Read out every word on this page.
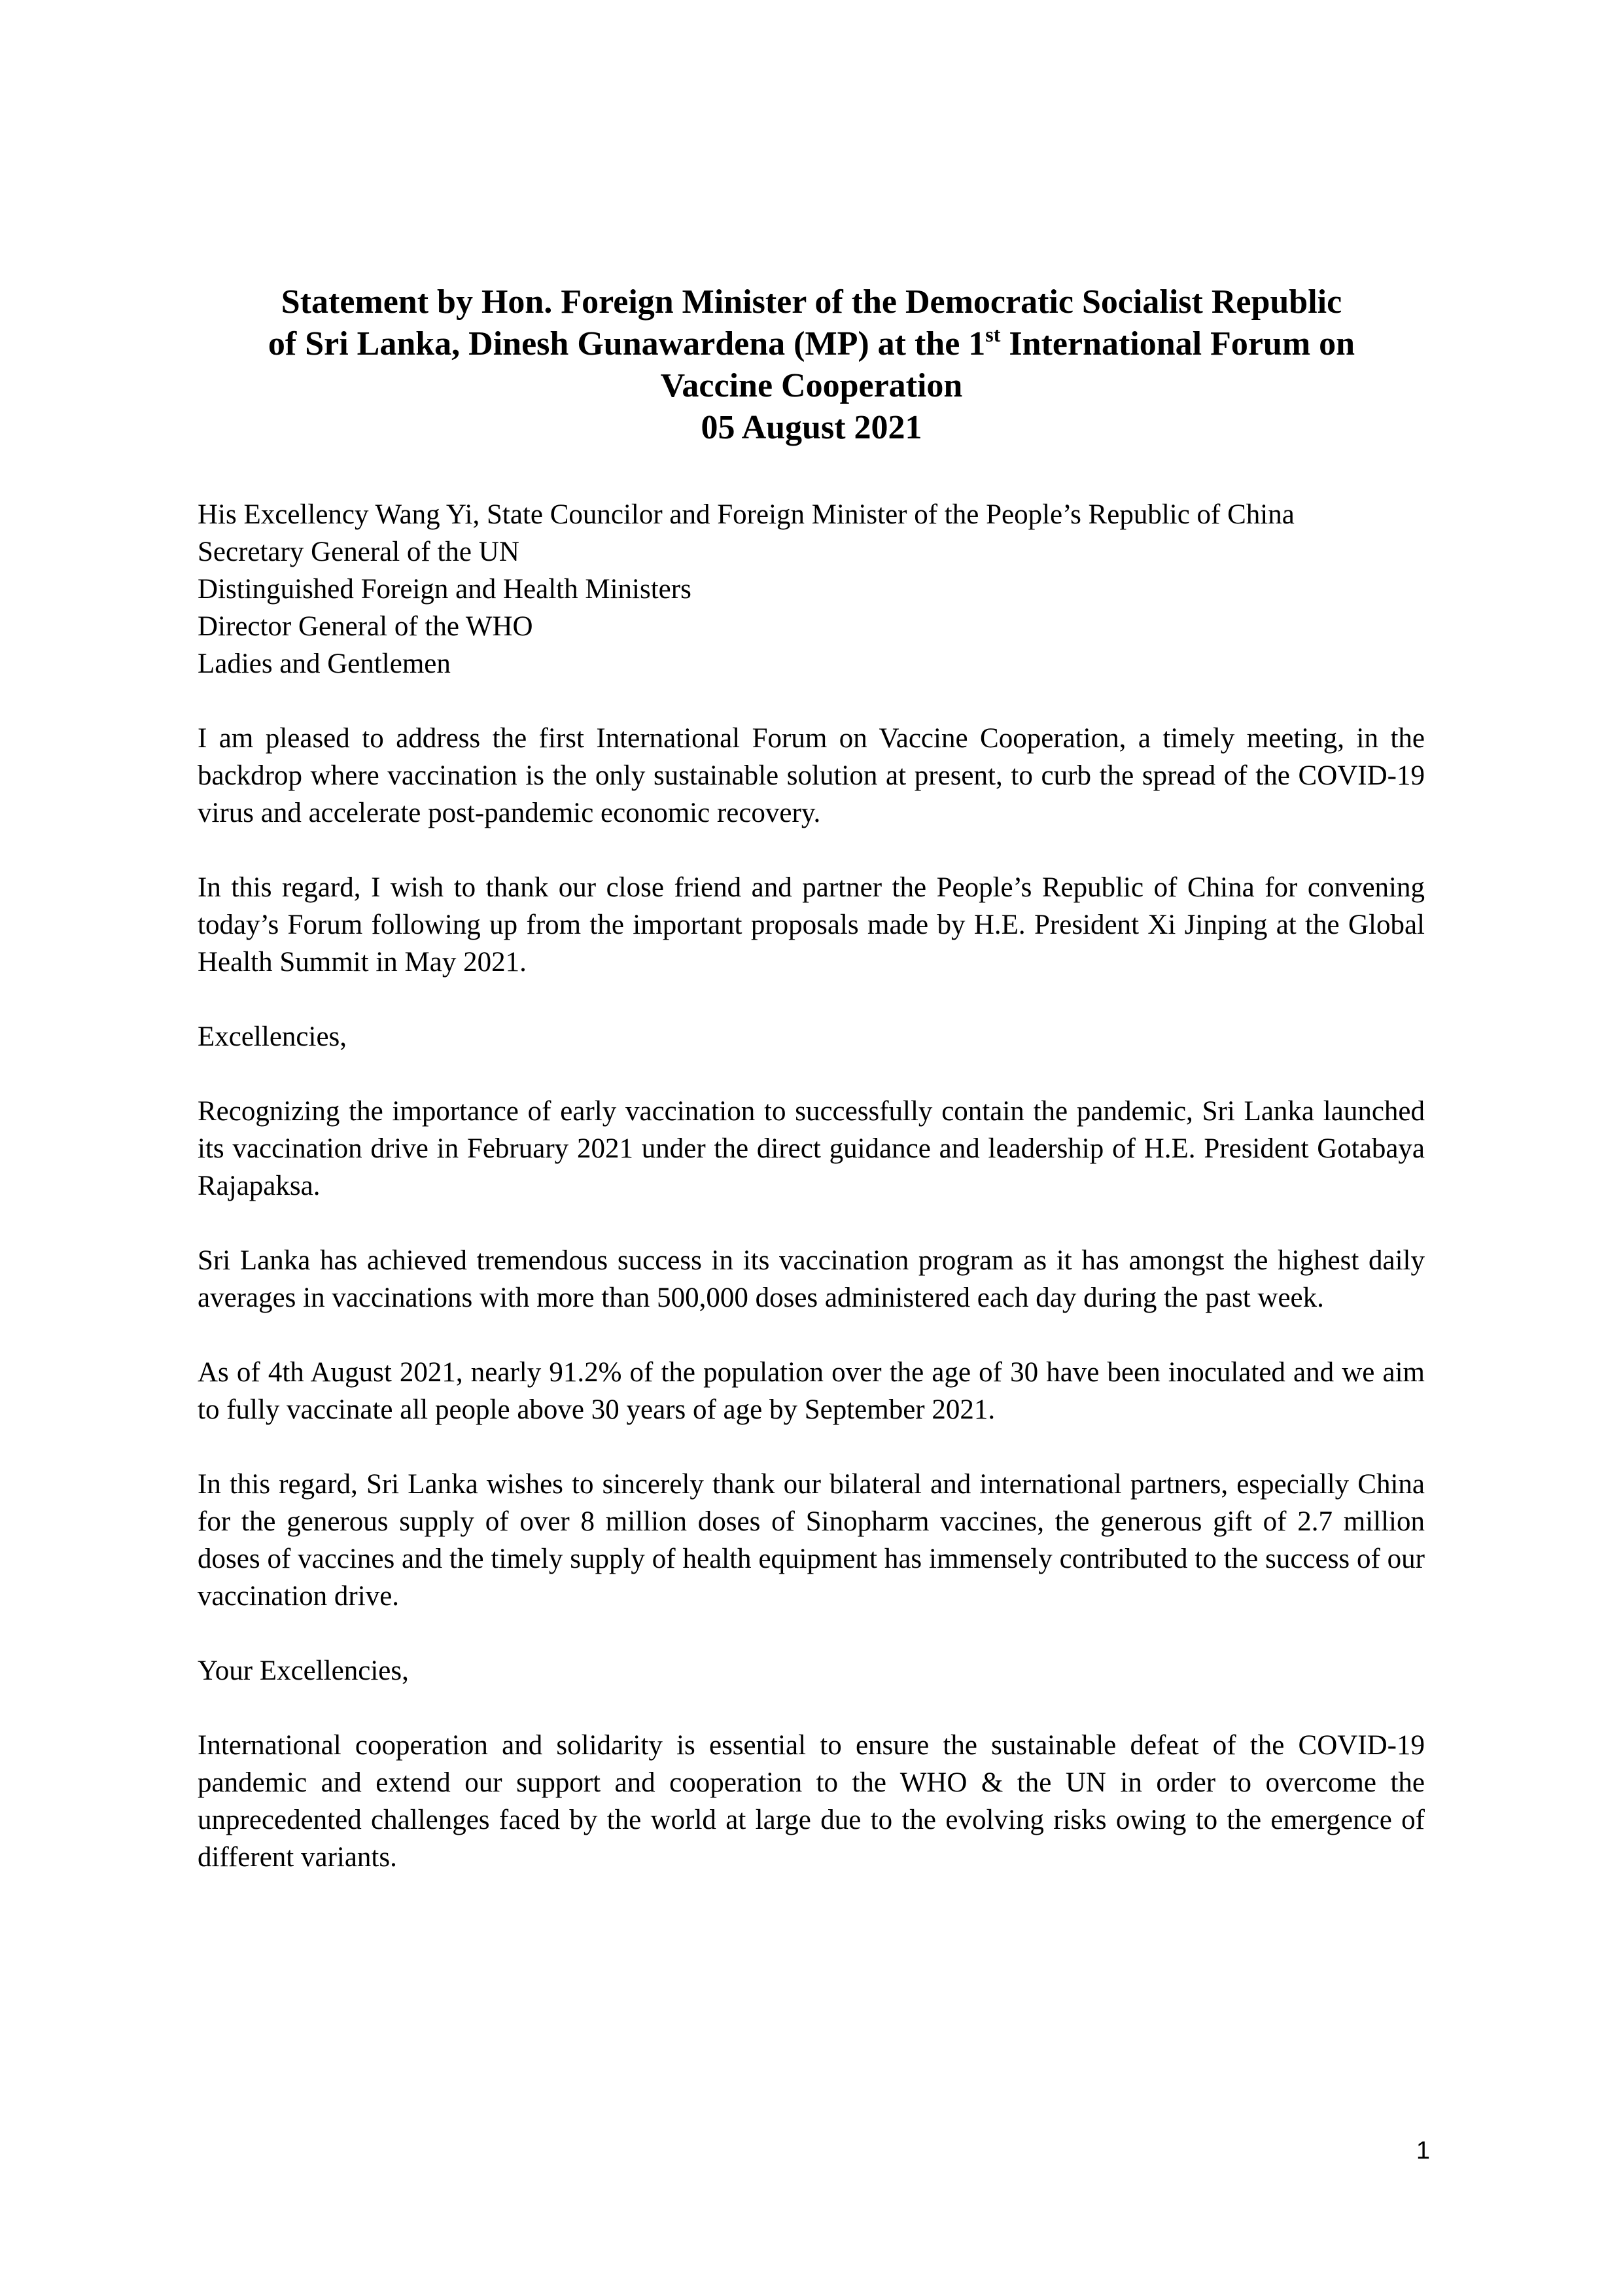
Statement by Hon. Foreign Minister of the Democratic Socialist Republic
of Sri Lanka, Dinesh Gunawardena (MP) at the 1st International Forum on
Vaccine Cooperation
05 August 2021

His Excellency Wang Yi, State Councilor and Foreign Minister of the People’s Republic of China

Secretary General of the UN

Distinguished Foreign and Health Ministers

Director General of the WHO

Ladies and Gentlemen

I am pleased to address the first International Forum on Vaccine Cooperation, a timely meeting, in the backdrop where vaccination is the only sustainable solution at present, to curb the spread of the COVID-19 virus and accelerate post-pandemic economic recovery.

In this regard, I wish to thank our close friend and partner the People’s Republic of China for convening today’s Forum following up from the important proposals made by H.E. President Xi Jinping at the Global Health Summit in May 2021.

Excellencies,

Recognizing the importance of early vaccination to successfully contain the pandemic, Sri Lanka launched its vaccination drive in February 2021 under the direct guidance and leadership of H.E. President Gotabaya Rajapaksa.

Sri Lanka has achieved tremendous success in its vaccination program as it has amongst the highest daily averages in vaccinations with more than 500,000 doses administered each day during the past week.

As of 4th August 2021, nearly 91.2% of the population over the age of 30 have been inoculated and we aim to fully vaccinate all people above 30 years of age by September 2021.

In this regard, Sri Lanka wishes to sincerely thank our bilateral and international partners, especially China for the generous supply of over 8 million doses of Sinopharm vaccines, the generous gift of 2.7 million doses of vaccines and the timely supply of health equipment has immensely contributed to the success of our vaccination drive.

Your Excellencies,

International cooperation and solidarity is essential to ensure the sustainable defeat of the COVID-19 pandemic and extend our support and cooperation to the WHO & the UN in order to overcome the unprecedented challenges faced by the world at large due to the evolving risks owing to the emergence of different variants.

1
